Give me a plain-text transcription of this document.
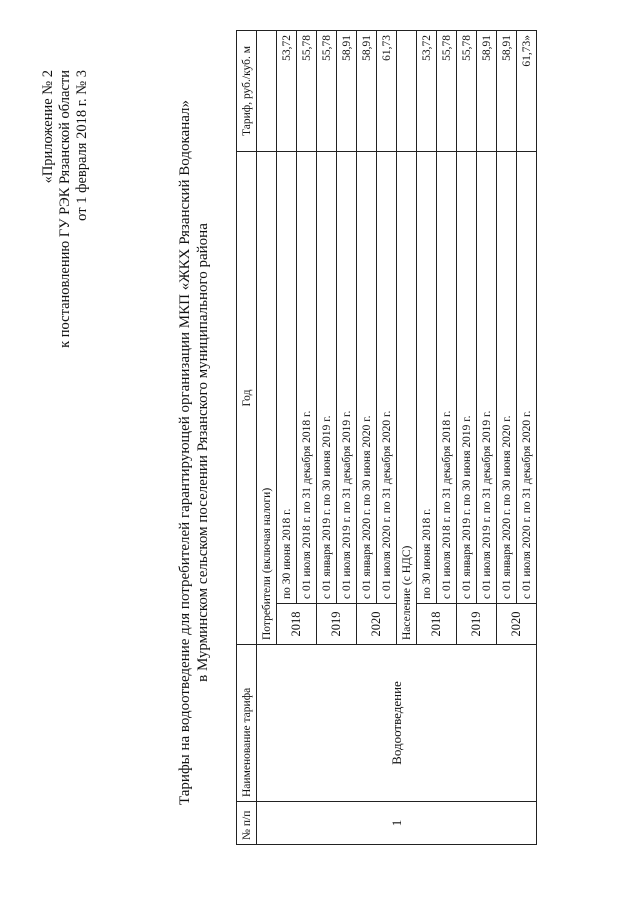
«Приложение № 2 к постановлению ГУ РЭК Рязанской области от 1 февраля 2018 г. № 3	Тарифы на водоотведение для потребителей гарантирующей организации МКП «ЖКХ Рязанский Водоканал» в Мурминском сельском поселении Рязанского муниципального района
№ п/п	Наименование тарифа	Год		Тариф, руб./куб. м
1	Водоотведение	Потребители (включая налоги)		
		2018	по 30 июня 2018 г.	53,72
			с 01 июля 2018 г. по 31 декабря 2018 г.	55,78
		2019	с 01 января 2019 г. по 30 июня 2019 г.	55,78
			с 01 июля 2019 г. по 31 декабря 2019 г.	58,91
		2020	с 01 января 2020 г. по 30 июня 2020 г.	58,91
			с 01 июля 2020 г. по 31 декабря 2020 г.	61,73
		Население (с НДС)		
		2018	по 30 июня 2018 г.	53,72
			с 01 июля 2018 г. по 31 декабря 2018 г.	55,78
		2019	с 01 января 2019 г. по 30 июня 2019 г.	55,78
			с 01 июля 2019 г. по 31 декабря 2019 г.	58,91
		2020	с 01 января 2020 г. по 30 июня 2020 г.	58,91
			с 01 июля 2020 г. по 31 декабря 2020 г.	61,73»
